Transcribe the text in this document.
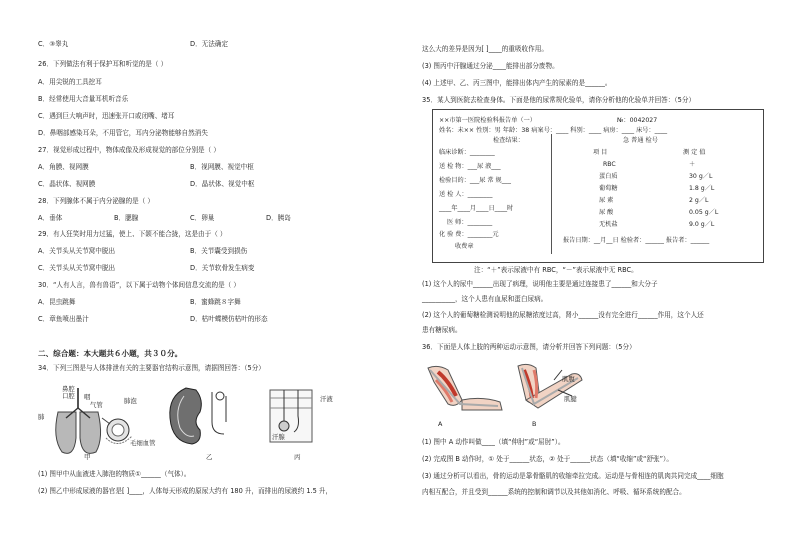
C．③睾丸	D．无法确定
26．下列做法有利于保护耳和听觉的是（ ）
A．用尖锐的工具挖耳
B．经常使用大音量耳机听音乐
C．遇到巨大响声时，迅速张开口或闭嘴、堵耳
D．鼻咽部感染耳朵，不用管它，耳内分泌物能够自然消失
27．视觉形成过程中，物体成像及形成视觉的部位分别是（ ）
A．角膜、视网膜	B．视网膜、视觉中枢
C．晶状体、视网膜	D．晶状体、视觉中枢
28．下列腺体不属于内分泌腺的是（ ）
A．垂体	B．腮腺	C．卵巢	D．胰岛
29．有人狂笑时用力过猛，使上、下颌不能合拢，这是由于（ ）
A．关节头从关节窝中脱出	B．关节囊受到损伤
C．关节头从关节窝中脱出	D．关节软骨发生病变
30．“人有人言，兽有兽语”，以下属于动物个体间信息交流的是（ ）
A．昆虫跳舞	B．蜜蜂跳８字舞
C．章鱼喷出墨汁	D．枯叶蝶模仿枯叶的形态
二、综合题：本大题共６小题，共３０分。
34．下列三图是与人体排泄有关的主要器官结构示意图，请据图回答：（5分）
鼻腔
口腔 咽
气管
肺
肺泡
毛细血管
甲	乙
汗腺
汗液
丙
(1) 图甲中从血液进入肺泡的物质①______（气体）。
(2) 图乙中形成尿液的器官是[ ]____，人体每天形成的原尿大约有 180 升，而排出的尿液约 1.5 升，
这么大的差异是因为[ ]____的重吸收作用。
(3) 图丙中汗腺通过分泌____能排出部分废物。
(4) 上述甲、乙、丙三图中，能排出体内产生的尿素的是______。
35．某人到医院去检查身体。下面是他的尿常规化验单，请你分析他的化验单并回答：（5分）
××市第一医院检验科报告单（一）	№：0042027
姓名：未×× 性别：男 年龄：38 病案号：____ 科别：____ 病房：____ 床号：____
检查结果：	急 普通 检号
临床诊断：________
送 检 物：___尿 液___
检验目的：___尿 常 规___
送 检 人：________
____年____月____日____时
医 师：________
化 验 费：________元
收费章
项 目	测 定 值
RBC	＋
蛋白质	30 g／L
葡萄糖	1.8 g／L
尿 素	2 g／L
尿 酸	0.05 g／L
无机盐	9.0 g／L
报告日期：__月__日 检验者：______ 报告者：______
注：“＋”表示尿液中有 RBC，“－”表示尿液中无 RBC。
(1) 这个人的尿中______出现了病理，说明他主要是通过连接患了______和大分子
__________，这个人患有血尿和蛋白尿病。
(2) 这个人的葡萄糖检测说明他的尿糖浓度过高，肾小______没有完全进行______作用，这个人还
患有糖尿病。
36．下面是人体上肢的两种运动示意图，请分析并回答下列问题：（5分）
肌腹
肌腱
A	B
(1) 图中 A 动作叫做____（填“伸肘”或“屈肘”）。
(2) 完成图 B 动作时，① 处于______状态，② 处于______状态（填“收缩”或“舒张”）。
(3) 通过分析可以看出，骨的运动是靠骨骼肌的收缩牵拉完成。运动是与骨相连的肌肉共同完成____细胞
内相互配合，并且受到______系统的控制和调节以及其他如消化、呼吸、循环系统的配合。
